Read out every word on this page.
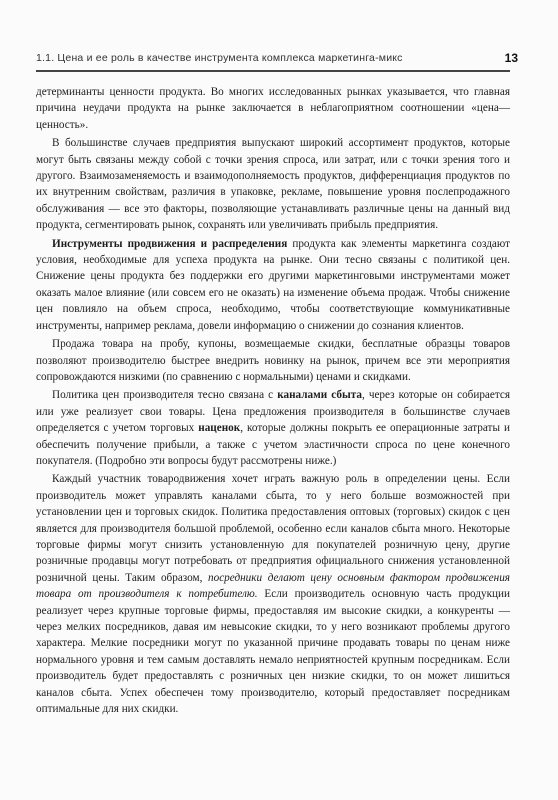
1.1. Цена и ее роль в качестве инструмента комплекса маркетинга-микс	13

детерминанты ценности продукта. Во многих исследованных рынках указывается, что главная причина неудачи продукта на рынке заключается в неблагоприятном соотношении «цена—ценность».

В большинстве случаев предприятия выпускают широкий ассортимент продуктов, которые могут быть связаны между собой с точки зрения спроса, или затрат, или с точки зрения того и другого. Взаимозаменяемость и взаимодополняемость продуктов, дифференциация продуктов по их внутренним свойствам, различия в упаковке, рекламе, повышение уровня послепродажного обслуживания — все это факторы, позволяющие устанавливать различные цены на данный вид продукта, сегментировать рынок, сохранять или увеличивать прибыль предприятия.

Инструменты продвижения и распределения продукта как элементы маркетинга создают условия, необходимые для успеха продукта на рынке. Они тесно связаны с политикой цен. Снижение цены продукта без поддержки его другими маркетинговыми инструментами может оказать малое влияние (или совсем его не оказать) на изменение объема продаж. Чтобы снижение цен повлияло на объем спроса, необходимо, чтобы соответствующие коммуникативные инструменты, например реклама, довели информацию о снижении до сознания клиентов.

Продажа товара на пробу, купоны, возмещаемые скидки, бесплатные образцы товаров позволяют производителю быстрее внедрить новинку на рынок, причем все эти мероприятия сопровождаются низкими (по сравнению с нормальными) ценами и скидками.

Политика цен производителя тесно связана с каналами сбыта, через которые он собирается или уже реализует свои товары. Цена предложения производителя в большинстве случаев определяется с учетом торговых наценок, которые должны покрыть ее операционные затраты и обеспечить получение прибыли, а также с учетом эластичности спроса по цене конечного покупателя. (Подробно эти вопросы будут рассмотрены ниже.)

Каждый участник товародвижения хочет играть важную роль в определении цены. Если производитель может управлять каналами сбыта, то у него больше возможностей при установлении цен и торговых скидок. Политика предоставления оптовых (торговых) скидок с цен является для производителя большой проблемой, особенно если каналов сбыта много. Некоторые торговые фирмы могут снизить установленную для покупателей розничную цену, другие розничные продавцы могут потребовать от предприятия официального снижения установленной розничной цены. Таким образом, посредники делают цену основным фактором продвижения товара от производителя к потребителю. Если производитель основную часть продукции реализует через крупные торговые фирмы, предоставляя им высокие скидки, а конкуренты — через мелких посредников, давая им невысокие скидки, то у него возникают проблемы другого характера. Мелкие посредники могут по указанной причине продавать товары по ценам ниже нормального уровня и тем самым доставлять немало неприятностей крупным посредникам. Если производитель будет предоставлять с розничных цен низкие скидки, то он может лишиться каналов сбыта. Успех обеспечен тому производителю, который предоставляет посредникам оптимальные для них скидки.
